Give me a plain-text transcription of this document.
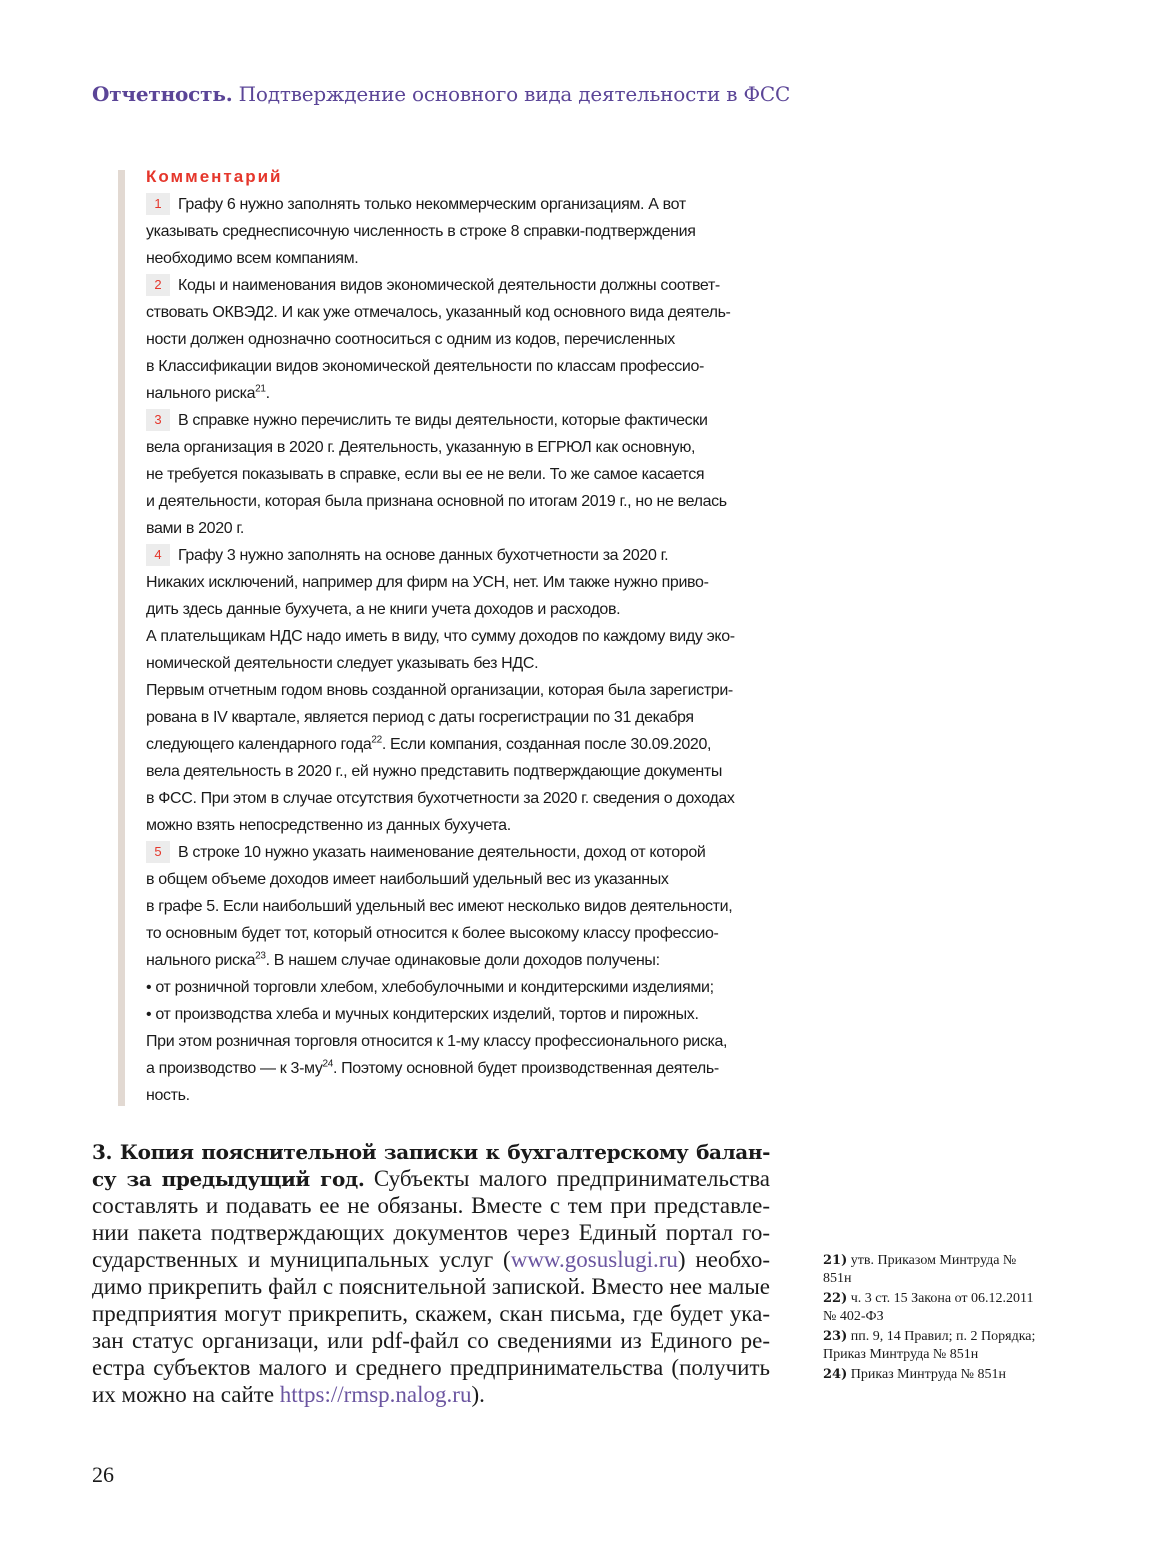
Отчетность. Подтверждение основного вида деятельности в ФСС
Комментарий
1 Графу 6 нужно заполнять только некоммерческим организациям. А вот
указывать среднесписочную численность в строке 8 справки-подтверждения
необходимо всем компаниям.
2 Коды и наименования видов экономической деятельности должны соответ-
ствовать ОКВЭД2. И как уже отмечалось, указанный код основного вида деятель-
ности должен однозначно соотноситься с одним из кодов, перечисленных
в Классификации видов экономической деятельности по классам профессио-
нального риска$^{21}$.
3 В справке нужно перечислить те виды деятельности, которые фактически
вела организация в 2020 г. Деятельность, указанную в ЕГРЮЛ как основную,
не требуется показывать в справке, если вы ее не вели. То же самое касается
и деятельности, которая была признана основной по итогам 2019 г., но не велась
вами в 2020 г.
4 Графу 3 нужно заполнять на основе данных бухотчетности за 2020 г.
Никаких исключений, например для фирм на УСН, нет. Им также нужно приво-
дить здесь данные бухучета, а не книги учета доходов и расходов.
А плательщикам НДС надо иметь в виду, что сумму доходов по каждому виду эко-
номической деятельности следует указывать без НДС.
Первым отчетным годом вновь созданной организации, которая была зарегистри-
рована в IV квартале, является период с даты госрегистрации по 31 декабря
следующего календарного года$^{22}$. Если компания, созданная после 30.09.2020,
вела деятельность в 2020 г., ей нужно представить подтверждающие документы
в ФСС. При этом в случае отсутствия бухотчетности за 2020 г. сведения о доходах
можно взять непосредственно из данных бухучета.
5 В строке 10 нужно указать наименование деятельности, доход от которой
в общем объеме доходов имеет наибольший удельный вес из указанных
в графе 5. Если наибольший удельный вес имеют несколько видов деятельности,
то основным будет тот, который относится к более высокому классу профессио-
нального риска$^{23}$. В нашем случае одинаковые доли доходов получены:
• от розничной торговли хлебом, хлебобулочными и кондитерскими изделиями;
• от производства хлеба и мучных кондитерских изделий, тортов и пирожных.
При этом розничная торговля относится к 1-му классу профессионального риска,
а производство — к $3-му^{24}$. Поэтому основной будет производственная деятель-
ность.
3. Копия пояснительной записки к бухгалтерскому балан-
су за предыдущий год. Субъекты малого предпринимательства
составлять и подавать ее не обязаны. Вместе с тем при представле-
нии пакета подтверждающих документов через Единый портал го-
сударственных и муниципальных услуг (www.gosuslugi.ru) необхо-
димо прикрепить файл с пояснительной запиской. Вместо нее малые
предприятия могут прикрепить, скажем, скан письма, где будет ука-
зан статус организаци, или pdf-файл со сведениями из Единого ре-
естра субъектов малого и среднего предпринимательства (получить
их можно на сайте https://rmsp.nalog.ru).
21) утв. Приказом Минтруда № 851н
22) ч. 3 ст. 15 Закона от 06.12.2011 № 402-ФЗ
23) пп. 9, 14 Правил; п. 2 Порядка; Приказ Минтруда № 851н
24) Приказ Минтруда № 851н
26
